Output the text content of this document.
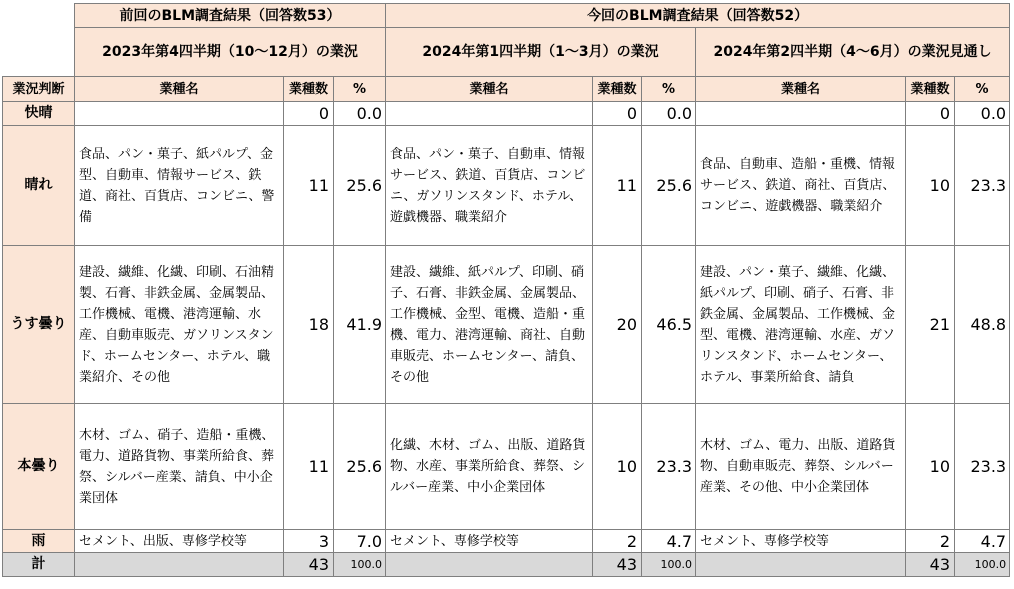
	前回のBLM調査結果（回答数53）			今回のBLM調査結果（回答数52）					
	2023年第4四半期（10～12月）の業況			2024年第1四半期（1～3月）の業況			2024年第2四半期（4～6月）の業況見通し		
業況判断	業種名	業種数	%	業種名	業種数	%	業種名	業種数	%
快晴		0	0.0		0	0.0		0	0.0
晴れ	食品、パン・菓子、紙パルプ、金型、自動車、情報サービス、鉄道、商社、百貨店、コンビニ、警備	11	25.6	食品、パン・菓子、自動車、情報サービス、鉄道、百貨店、コンビニ、ガソリンスタンド、ホテル、遊戯機器、職業紹介	11	25.6	食品、自動車、造船・重機、情報サービス、鉄道、商社、百貨店、コンビニ、遊戯機器、職業紹介	10	23.3
うす曇り	建設、繊維、化繊、印刷、石油精製、石膏、非鉄金属、金属製品、工作機械、電機、港湾運輸、水産、自動車販売、ガソリンスタンド、ホームセンター、ホテル、職業紹介、その他	18	41.9	建設、繊維、紙パルプ、印刷、硝子、石膏、非鉄金属、金属製品、工作機械、金型、電機、造船・重機、電力、港湾運輸、商社、自動車販売、ホームセンター、請負、その他	20	46.5	建設、パン・菓子、繊維、化繊、紙パルプ、印刷、硝子、石膏、非鉄金属、金属製品、工作機械、金型、電機、港湾運輸、水産、ガソリンスタンド、ホームセンター、ホテル、事業所給食、請負	21	48.8
本曇り	木材、ゴム、硝子、造船・重機、電力、道路貨物、事業所給食、葬祭、シルバー産業、請負、中小企業団体	11	25.6	化繊、木材、ゴム、出版、道路貨物、水産、事業所給食、葬祭、シルバー産業、中小企業団体	10	23.3	木材、ゴム、電力、出版、道路貨物、自動車販売、葬祭、シルバー産業、その他、中小企業団体	10	23.3
雨	セメント、出版、専修学校等	3	7.0	セメント、専修学校等	2	4.7	セメント、専修学校等	2	4.7
計		43	100.0		43	100.0		43	100.0
